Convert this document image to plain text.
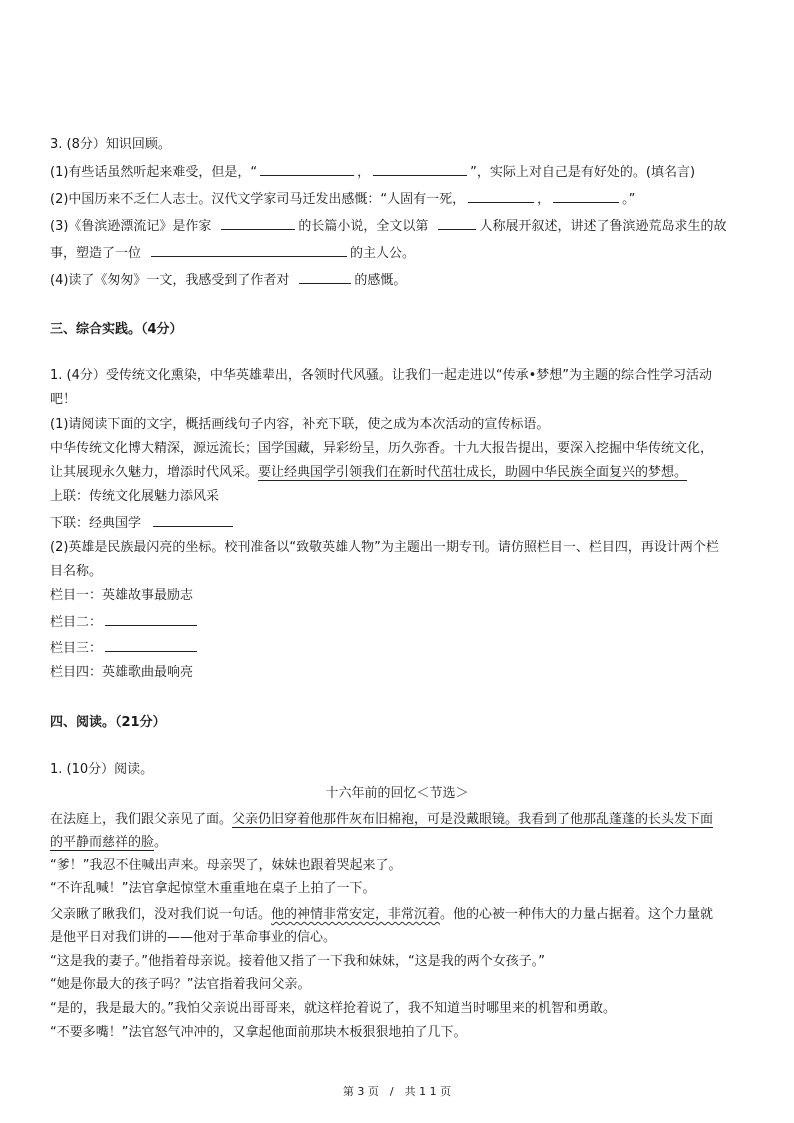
3. (8分）知识回顾。
(1)有些话虽然听起来难受，但是，“	，	”，实际上对自己是有好处的。(填名言)
(2)中国历来不乏仁人志士。汉代文学家司马迁发出感慨：“人固有一死，	，	。”
(3)《鲁滨逊漂流记》是作家	的长篇小说，全文以第	人称展开叙述，讲述了鲁滨逊荒岛求生的故
事，塑造了一位	的主人公。
(4)读了《匆匆》一文，我感受到了作者对	的感慨。
三、综合实践。（4分）
1. (4分）受传统文化熏染，中华英雄辈出，各领时代风骚。让我们一起走进以“传承•梦想”为主题的综合性学习活动
吧！
(1)请阅读下面的文字，概括画线句子内容，补充下联，使之成为本次活动的宣传标语。
中华传统文化博大精深，源远流长；国学国藏，异彩纷呈，历久弥香。十九大报告提出，要深入挖掘中华传统文化，
让其展现永久魅力，增添时代风采。要让经典国学引领我们在新时代茁壮成长，助圆中华民族全面复兴的梦想。
上联：传统文化展魅力添风采
下联：经典国学
(2)英雄是民族最闪亮的坐标。校刊准备以“致敬英雄人物”为主题出一期专刊。请仿照栏目一、栏目四，再设计两个栏
目名称。
栏目一：英雄故事最励志
栏目二：
栏目三：
栏目四：英雄歌曲最响亮
四、阅读。（21分）
1. (10分）阅读。
十六年前的回忆＜节选＞
在法庭上，我们跟父亲见了面。父亲仍旧穿着他那件灰布旧棉袍，可是没戴眼镜。我看到了他那乱蓬蓬的长头发下面
的平静而慈祥的脸。
“爹！”我忍不住喊出声来。母亲哭了，妹妹也跟着哭起来了。
“不许乱喊！”法官拿起惊堂木重重地在桌子上拍了一下。
父亲瞅了瞅我们，没对我们说一句话。他的神情非常安定，非常沉着。他的心被一种伟大的力量占据着。这个力量就
是他平日对我们讲的——他对于革命事业的信心。
“这是我的妻子。”他指着母亲说。接着他又指了一下我和妹妹，“这是我的两个女孩子。”
“她是你最大的孩子吗？”法官指着我问父亲。
“是的，我是最大的。”我怕父亲说出哥哥来，就这样抢着说了，我不知道当时哪里来的机智和勇敢。
“不要多嘴！”法官怒气冲冲的，又拿起他面前那块木板狠狠地拍了几下。
第 3 页　/　共 1 1 页
